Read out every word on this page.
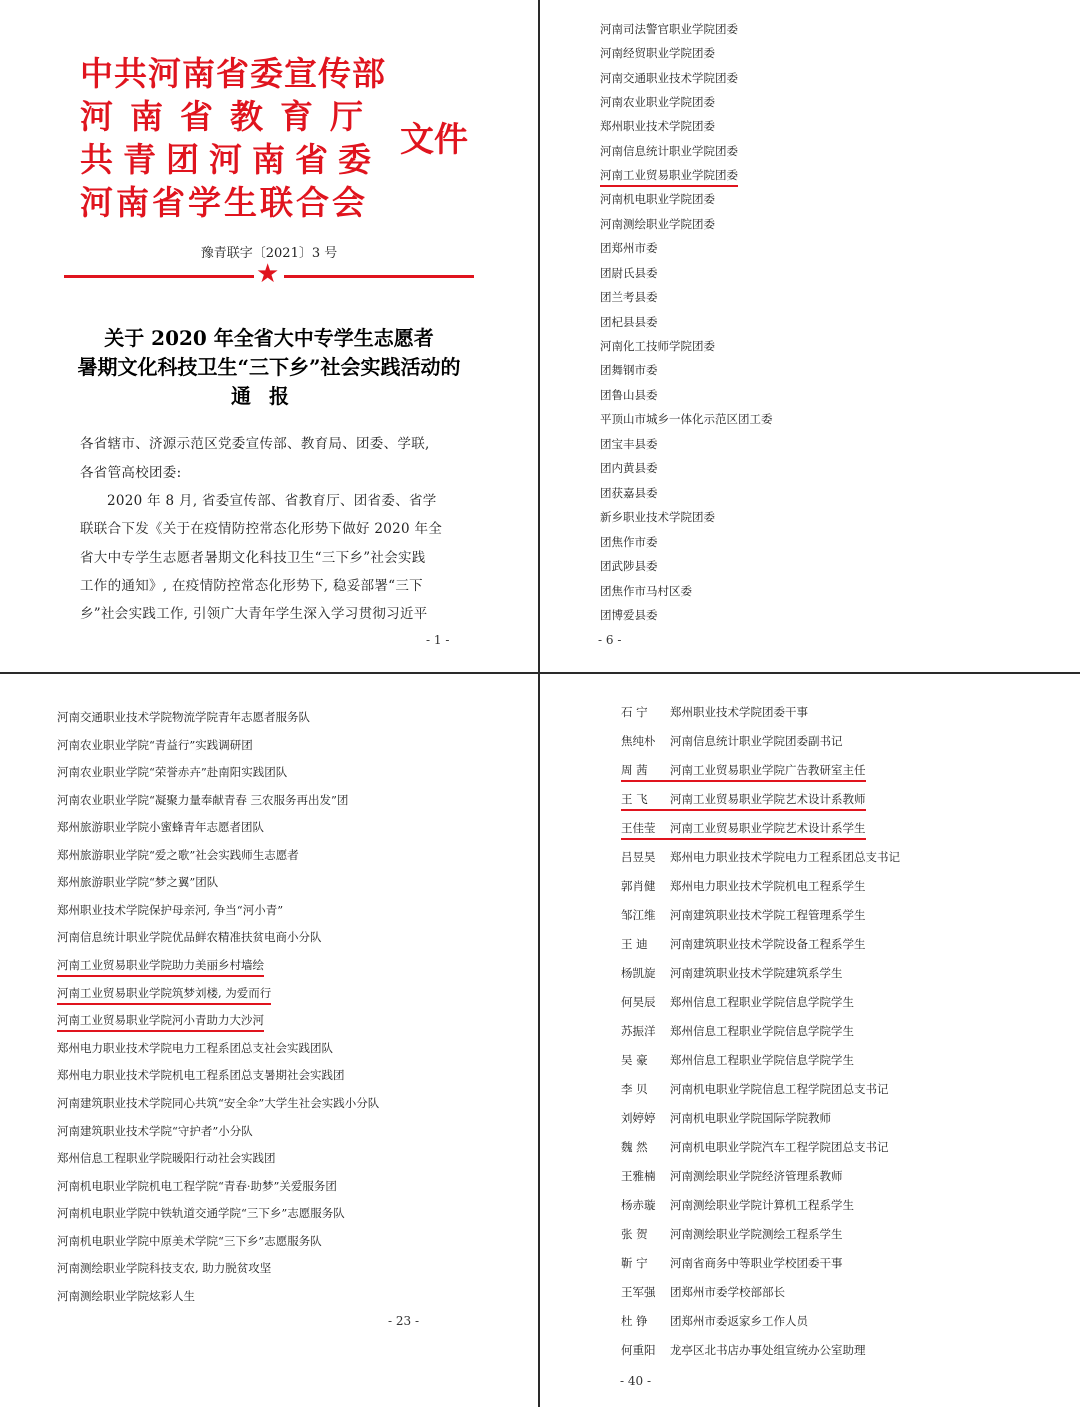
中共河南省委宣传部
河南省教育厅
共青团河南省委
河南省学生联合会
文件
豫青联字〔2021〕3 号
★
关于 2020 年全省大中专学生志愿者
暑期文化科技卫生“三下乡”社会实践活动的
通报
各省辖市、济源示范区党委宣传部、教育局、团委、学联,
各省管高校团委:
2020 年 8 月, 省委宣传部、省教育厅、团省委、省学
联联合下发《关于在疫情防控常态化形势下做好 2020 年全
省大中专学生志愿者暑期文化科技卫生“三下乡”社会实践
工作的通知》, 在疫情防控常态化形势下, 稳妥部署“三下
乡”社会实践工作, 引领广大青年学生深入学习贯彻习近平
- 1 -
河南司法警官职业学院团委
河南经贸职业学院团委
河南交通职业技术学院团委
河南农业职业学院团委
郑州职业技术学院团委
河南信息统计职业学院团委
河南工业贸易职业学院团委
河南机电职业学院团委
河南测绘职业学院团委
团郑州市委
团尉氏县委
团兰考县委
团杞县县委
河南化工技师学院团委
团舞钢市委
团鲁山县委
平顶山市城乡一体化示范区团工委
团宝丰县委
团内黄县委
团获嘉县委
新乡职业技术学院团委
团焦作市委
团武陟县委
团焦作市马村区委
团博爱县委
- 6 -
河南交通职业技术学院物流学院青年志愿者服务队
河南农业职业学院“青益行”实践调研团
河南农业职业学院“荣誉赤卉”赴南阳实践团队
河南农业职业学院“凝聚力量奉献青春 三农服务再出发”团
郑州旅游职业学院小蜜蜂青年志愿者团队
郑州旅游职业学院“爱之歌”社会实践师生志愿者
郑州旅游职业学院“梦之翼”团队
郑州职业技术学院保护母亲河, 争当“河小青”
河南信息统计职业学院优品鲜农精准扶贫电商小分队
河南工业贸易职业学院助力美丽乡村墙绘
河南工业贸易职业学院筑梦刘楼, 为爱而行
河南工业贸易职业学院河小青助力大沙河
郑州电力职业技术学院电力工程系团总支社会实践团队
郑州电力职业技术学院机电工程系团总支暑期社会实践团
河南建筑职业技术学院同心共筑“安全伞”大学生社会实践小分队
河南建筑职业技术学院“守护者”小分队
郑州信息工程职业学院暖阳行动社会实践团
河南机电职业学院机电工程学院“青春·助梦”关爱服务团
河南机电职业学院中铁轨道交通学院“三下乡”志愿服务队
河南机电职业学院中原美术学院“三下乡”志愿服务队
河南测绘职业学院科技支农, 助力脱贫攻坚
河南测绘职业学院炫彩人生
- 23 -
石 宁 郑州职业技术学院团委干事
焦纯朴 河南信息统计职业学院团委副书记
周 茜 河南工业贸易职业学院广告教研室主任
王 飞 河南工业贸易职业学院艺术设计系教师
王佳莹 河南工业贸易职业学院艺术设计系学生
吕昱昊 郑州电力职业技术学院电力工程系团总支书记
郭肖健 郑州电力职业技术学院机电工程系学生
邹江维 河南建筑职业技术学院工程管理系学生
王 迪 河南建筑职业技术学院设备工程系学生
杨凯旋 河南建筑职业技术学院建筑系学生
何昊辰 郑州信息工程职业学院信息学院学生
苏振洋 郑州信息工程职业学院信息学院学生
吴 豪 郑州信息工程职业学院信息学院学生
李 贝 河南机电职业学院信息工程学院团总支书记
刘婷婷 河南机电职业学院国际学院教师
魏 然 河南机电职业学院汽车工程学院团总支书记
王雅楠 河南测绘职业学院经济管理系教师
杨赤璇 河南测绘职业学院计算机工程系学生
张 贺 河南测绘职业学院测绘工程系学生
靳 宁 河南省商务中等职业学校团委干事
王军强 团郑州市委学校部部长
杜 铮 团郑州市委返家乡工作人员
何重阳 龙亭区北书店办事处组宣统办公室助理
- 40 -
